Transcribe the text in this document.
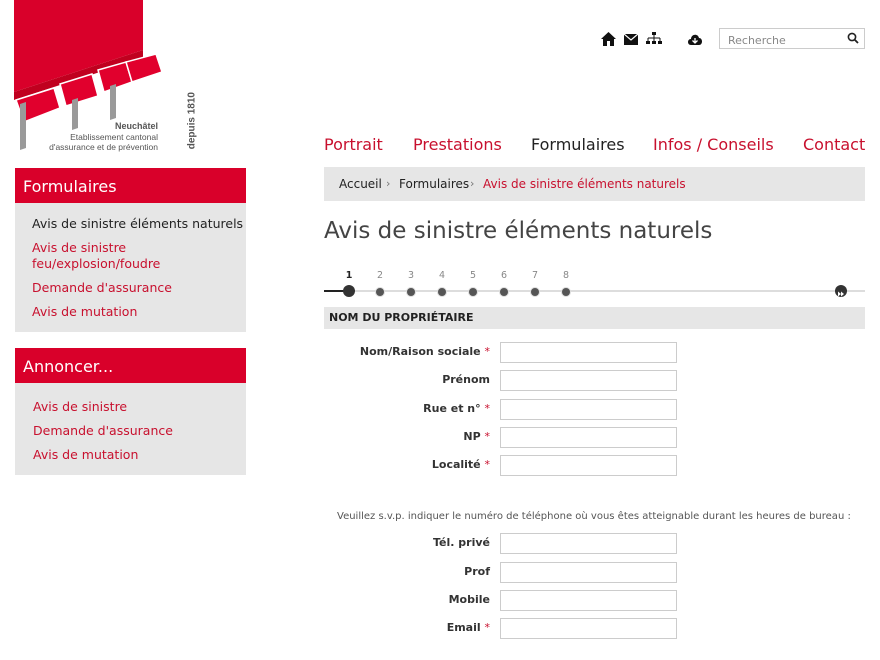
depuis 1810
Neuchâtel
Etablissement cantonal
d'assurance et de prévention
Recherche	Portrait Prestations Formulaires Infos / Conseils Contact
Formulaires
Avis de sinistre éléments naturels
Avis de sinistre feu/explosion/foudre
Demande d'assurance
Avis de mutation
Annoncer...
Avis de sinistre
Demande d'assurance
Avis de mutation
Accueil › Formulaires › Avis de sinistre éléments naturels
Avis de sinistre éléments naturels
1	2	3	4	5	6	7	8
NOM DU PROPRIÉTAIRE
Nom/Raison sociale *
Prénom
Rue et n° *
NP *
Localité *
Veuillez s.v.p. indiquer le numéro de téléphone où vous êtes atteignable durant les heures de bureau :
Tél. privé
Prof
Mobile
Email *
